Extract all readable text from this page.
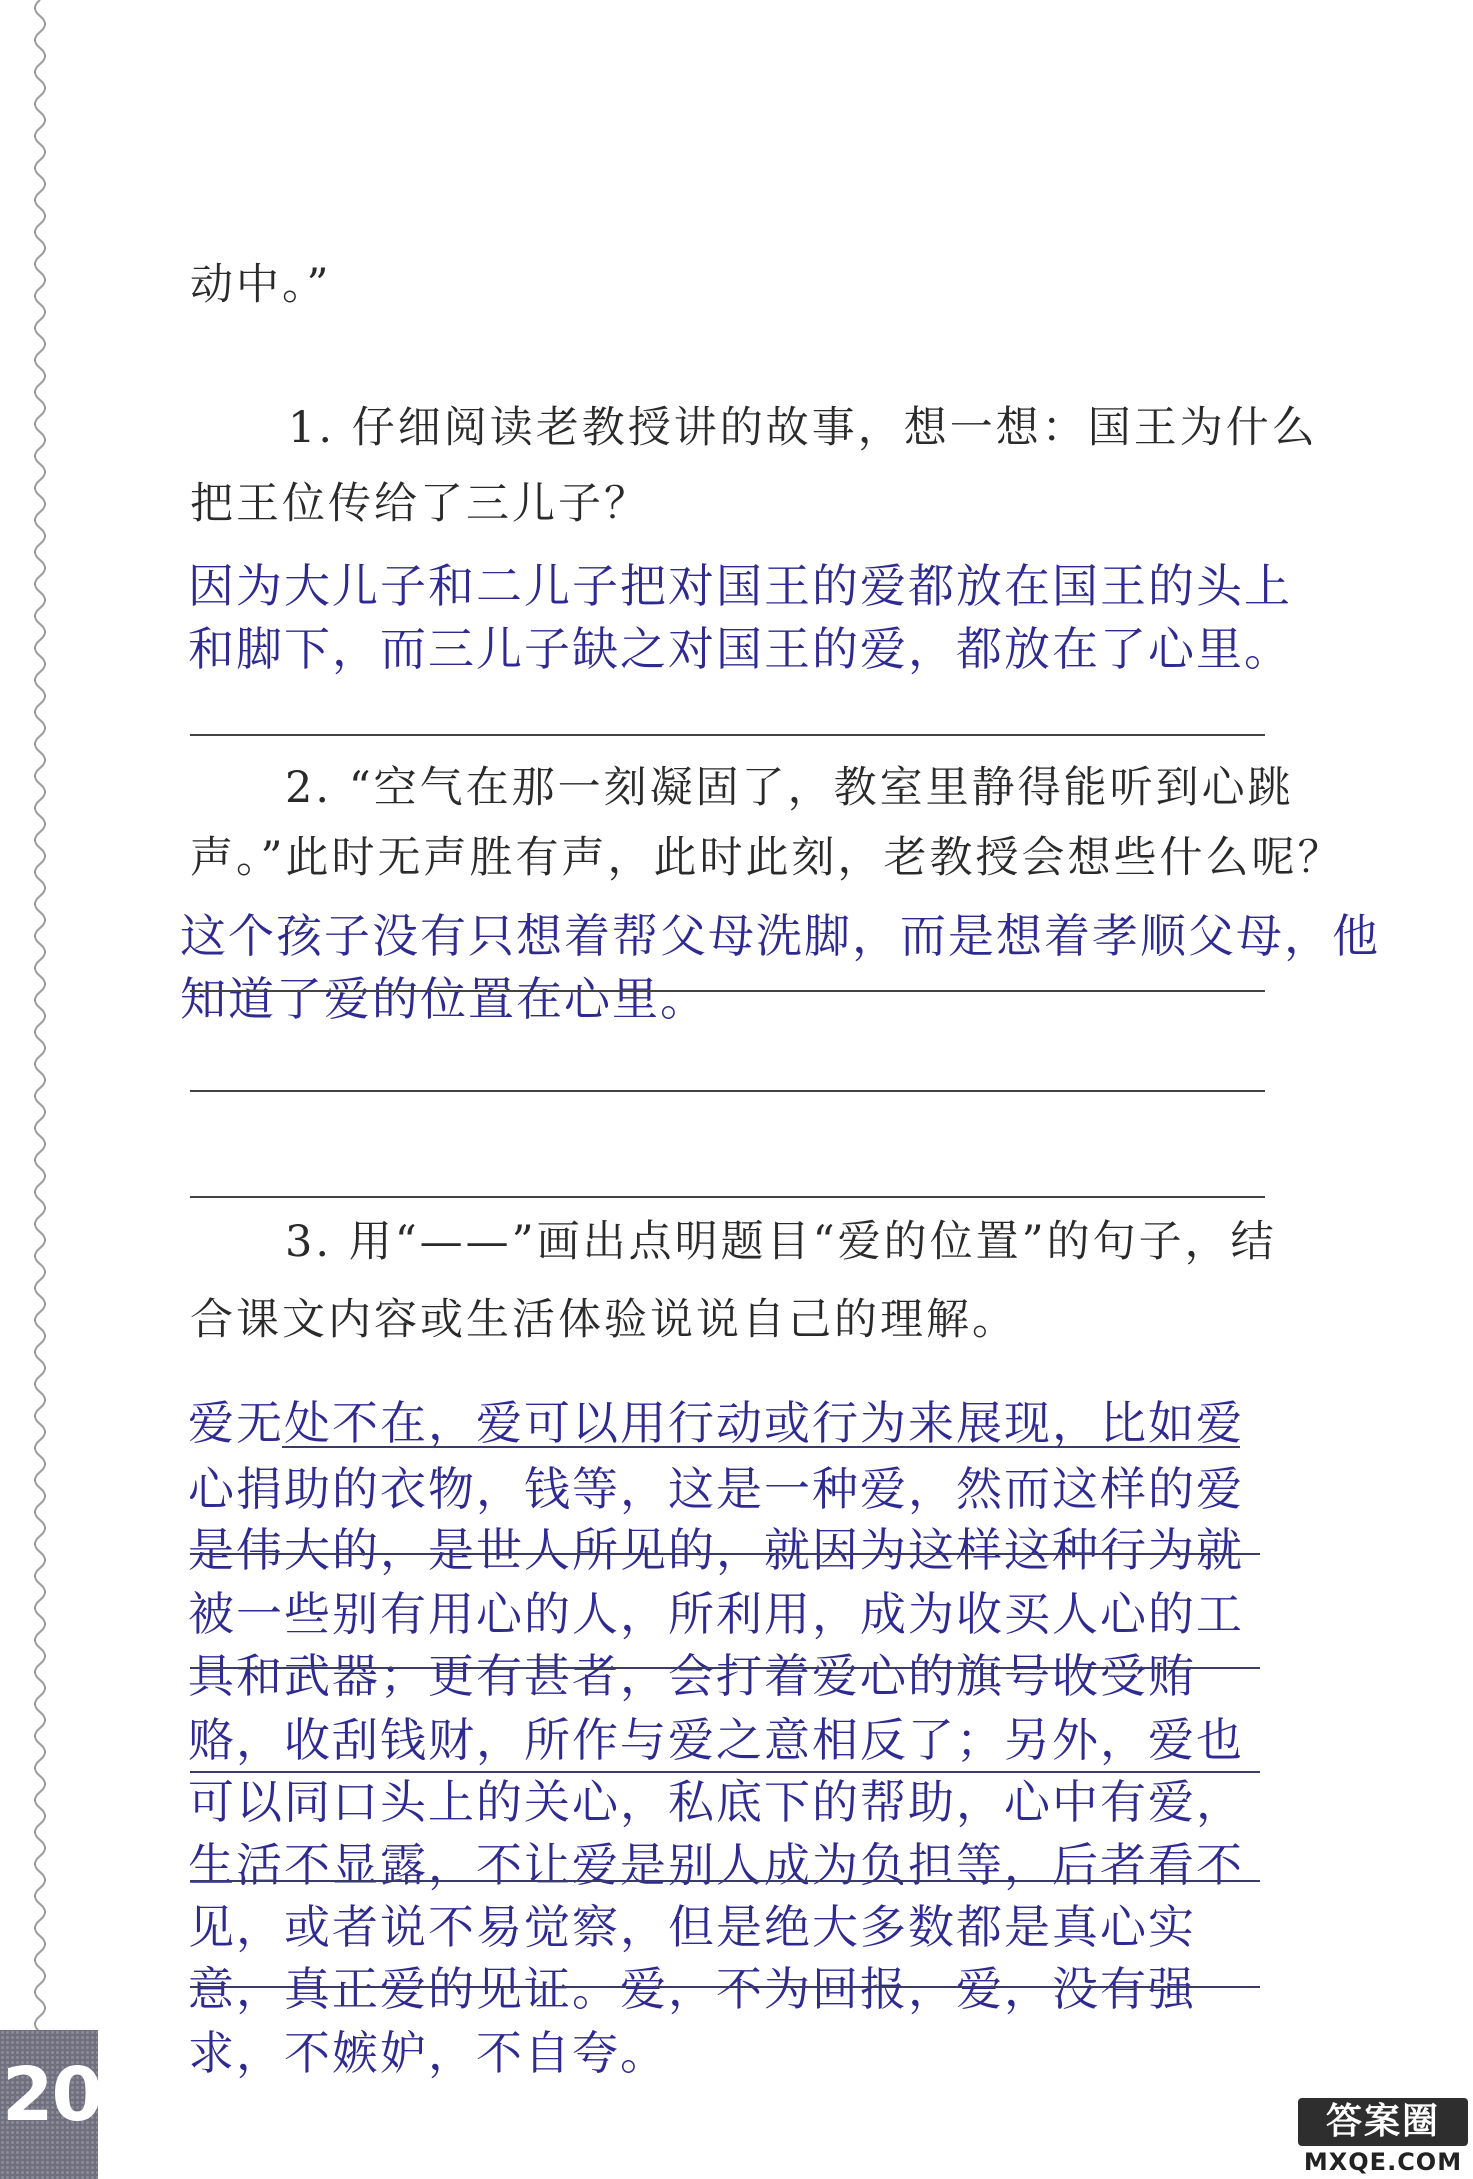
动中。”
1. 仔细阅读老教授讲的故事，想一想：国王为什么
把王位传给了三儿子？
因为大儿子和二儿子把对国王的爱都放在国王的头上
和脚下，而三儿子缺之对国王的爱，都放在了心里。
2. “空气在那一刻凝固了，教室里静得能听到心跳
声。”此时无声胜有声，此时此刻，老教授会想些什么呢？
这个孩子没有只想着帮父母洗脚，而是想着孝顺父母，他
知道了爱的位置在心里。
3. 用“——”画出点明题目“爱的位置”的句子，结
合课文内容或生活体验说说自己的理解。
爱无处不在，爱可以用行动或行为来展现，比如爱
心捐助的衣物，钱等，这是一种爱，然而这样的爱
是伟大的，是世人所见的，就因为这样这种行为就
被一些别有用心的人，所利用，成为收买人心的工
具和武器；更有甚者，会打着爱心的旗号收受贿
赂，收刮钱财，所作与爱之意相反了；另外，爱也
可以同口头上的关心，私底下的帮助，心中有爱，
生活不显露，不让爱是别人成为负担等，后者看不
见，或者说不易觉察，但是绝大多数都是真心实
意，真正爱的见证。爱，不为回报，爱，没有强
求，不嫉妒，不自夸。
20	答案圈
MXQE.COM
